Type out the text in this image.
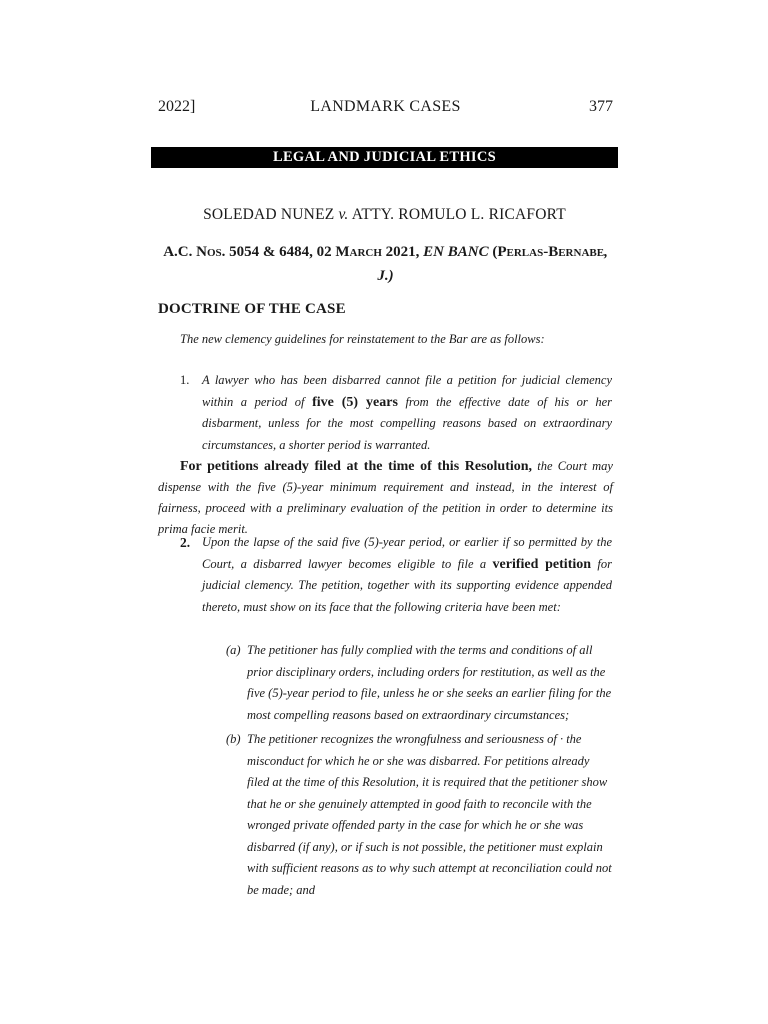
2022]	LANDMARK CASES	377
LEGAL AND JUDICIAL ETHICS
SOLEDAD NUNEZ v. ATTY. ROMULO L. RICAFORT
A.C. Nos. 5054 & 6484, 02 March 2021, EN BANC (Perlas-Bernabe, J.)
DOCTRINE OF THE CASE
The new clemency guidelines for reinstatement to the Bar are as follows:
1. A lawyer who has been disbarred cannot file a petition for judicial clemency within a period of five (5) years from the effective date of his or her disbarment, unless for the most compelling reasons based on extraordinary circumstances, a shorter period is warranted.
For petitions already filed at the time of this Resolution, the Court may dispense with the five (5)-year minimum requirement and instead, in the interest of fairness, proceed with a preliminary evaluation of the petition in order to determine its prima facie merit.
2. Upon the lapse of the said five (5)-year period, or earlier if so permitted by the Court, a disbarred lawyer becomes eligible to file a verified petition for judicial clemency. The petition, together with its supporting evidence appended thereto, must show on its face that the following criteria have been met:
(a) The petitioner has fully complied with the terms and conditions of all prior disciplinary orders, including orders for restitution, as well as the five (5)-year period to file, unless he or she seeks an earlier filing for the most compelling reasons based on extraordinary circumstances;
(b) The petitioner recognizes the wrongfulness and seriousness of · the misconduct for which he or she was disbarred. For petitions already filed at the time of this Resolution, it is required that the petitioner show that he or she genuinely attempted in good faith to reconcile with the wronged private offended party in the case for which he or she was disbarred (if any), or if such is not possible, the petitioner must explain with sufficient reasons as to why such attempt at reconciliation could not be made; and
